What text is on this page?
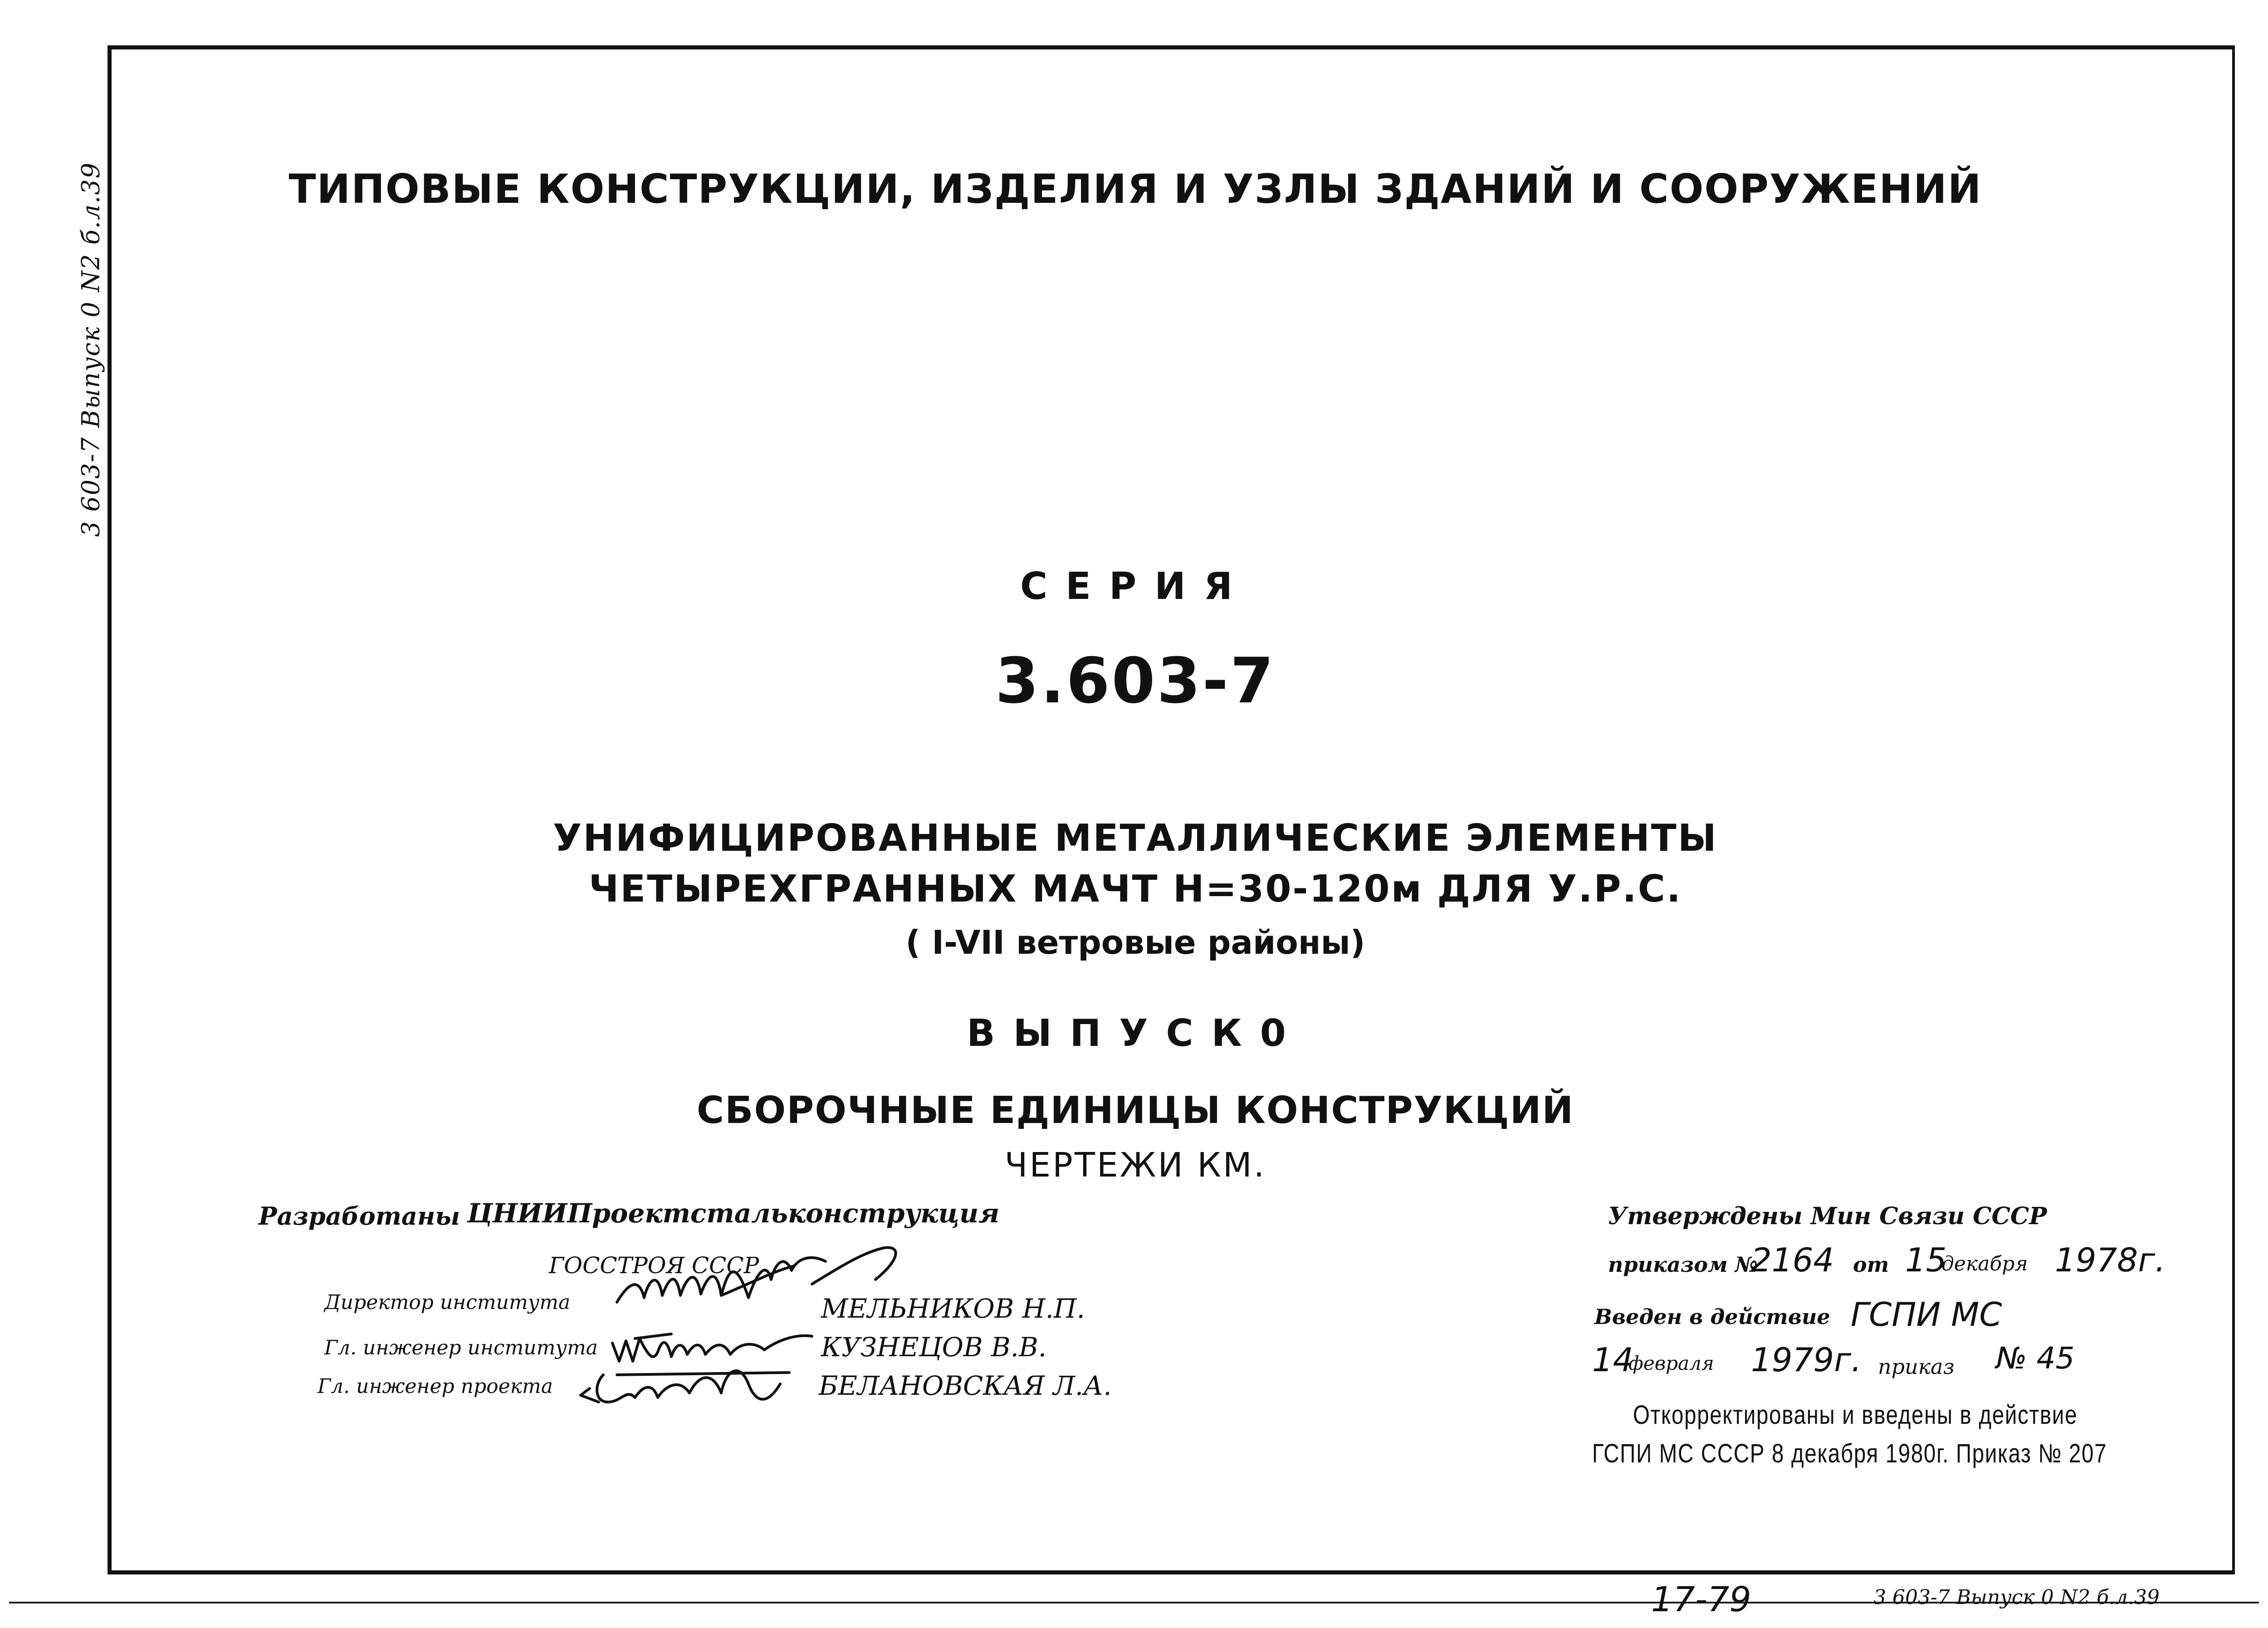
3 603-7 Выпуск 0 N2 б.л.39	ТИПОВЫЕ КОНСТРУКЦИИ, ИЗДЕЛИЯ И УЗЛЫ ЗДАНИЙ И СООРУЖЕНИЙ
СЕРИЯ
3.603-7
УНИФИЦИРОВАННЫЕ МЕТАЛЛИЧЕСКИЕ ЭЛЕМЕНТЫ
ЧЕТЫРЕХГРАННЫХ МАЧТ Н=30-120м ДЛЯ У.Р.С.
( I-VII ветровые районы)
ВЫПУСК0
СБОРОЧНЫЕ ЕДИНИЦЫ КОНСТРУКЦИЙ
ЧЕРТЕЖИ КМ.
Разработаны ЦНИИПроектстальконструкция
ГОССТРОЯ СССР
Директор института
Гл. инженер института
Гл. инженер проекта
МЕЛЬНИКОВ Н.П.
КУЗНЕЦОВ В.В.
БЕЛАНОВСКАЯ Л.А.
Утверждены Мин Связи СССР
приказом №
2164 от 15
декабря 1978г.
Введен в действие ГСПИ МС
14
февраля 1979г. приказ № 45
Откорректированы и введены в действие
ГСПИ МС СССР 8 декабря 1980г. Приказ № 207
17-79	3 603-7 Выпуск 0 N2 б.л.39
